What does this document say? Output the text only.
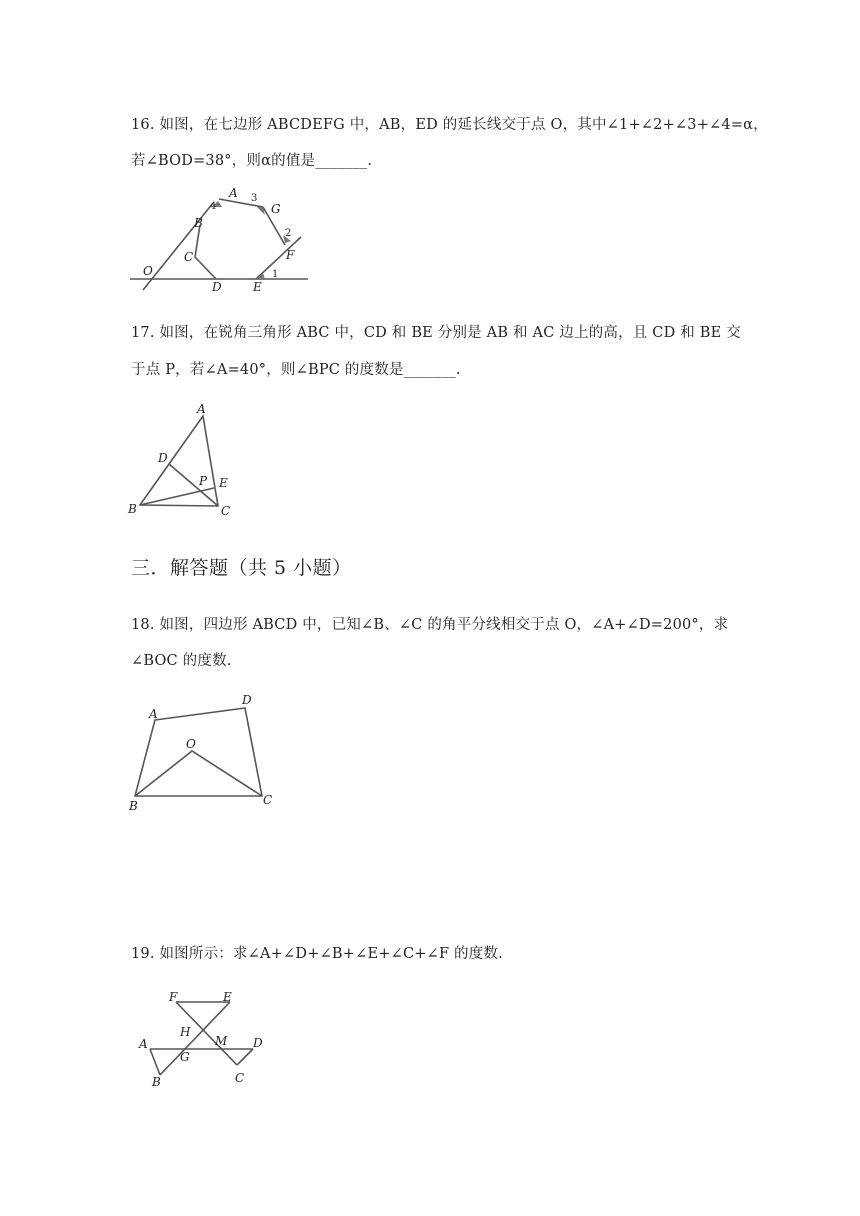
16. 如图，在七边形 ABCDEFG 中，AB，ED 的延长线交于点 O，其中∠1+∠2+∠3+∠4=α，
若∠BOD=38°，则α的值是_______.
A
B
C
D	E
F
G
O	1
2
3
4
17. 如图，在锐角三角形 ABC 中，CD 和 BE 分别是 AB 和 AC 边上的高，且 CD 和 BE 交
于点 P，若∠A=40°，则∠BPC 的度数是_______.
A
B	C
D
E
P
三．解答题（共 5 小题）
18. 如图，四边形 ABCD 中，已知∠B、∠C 的角平分线相交于点 O，∠A+∠D=200°，求
∠BOC 的度数.
A
B	C
D
O
19. 如图所示：求∠A+∠D+∠B+∠E+∠C+∠F 的度数.
F	E
A
B	C
D
G
H
M
